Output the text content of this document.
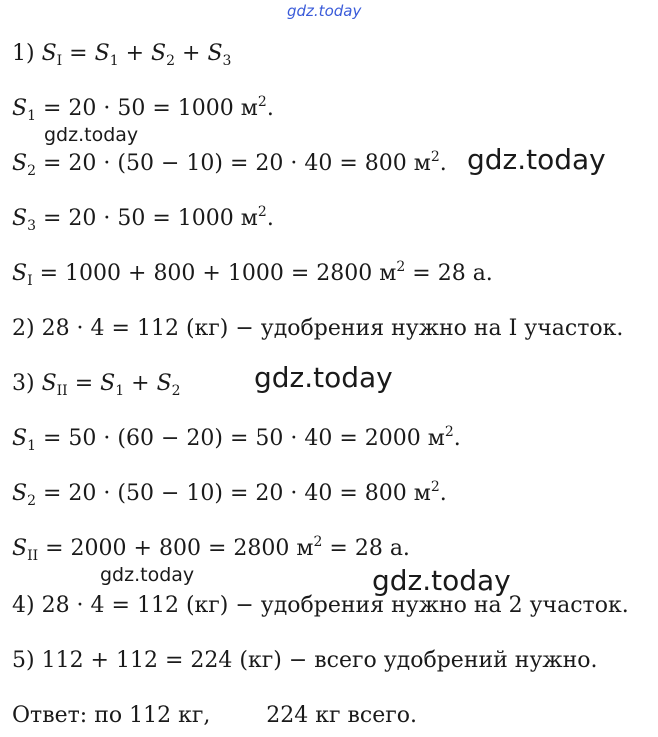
gdz.today
1) $S_I = S_1 + S_2 + S_3$
$S_1 = 20 \cdot 50 = 1000$ $м^2$.
gdz.today
$S_2 = 20 \cdot (50 - 10) = 20 \cdot 40 = 800$ $м^2$. gdz.today
$S_3 = 20 \cdot 50 = 1000$ $м^2$.
$S_I = 1000 + 800 + 1000 = 2800$ $м^2 = 28$ а.
2) 28 · 4 = 112 (кг) − удобрения нужно на I участок.
3) $S_{II} = S_1 + S_2$	gdz.today
$S_1 = 50 \cdot (60 - 20) = 50 \cdot 40 = 2000$ $м^2$.
$S_2 = 20 \cdot (50 - 10) = 20 \cdot 40 = 800$ $м^2$.
$S_{II} = 2000 + 800 = 2800$ $м^2 = 28$ а.
gdz.today	gdz.today
4) 28 · 4 = 112 (кг) − удобрения нужно на 2 участок.
5) 112 + 112 = 224 (кг) − всего удобрений нужно.
Ответ: по 112 кг,        224 кг всего.
